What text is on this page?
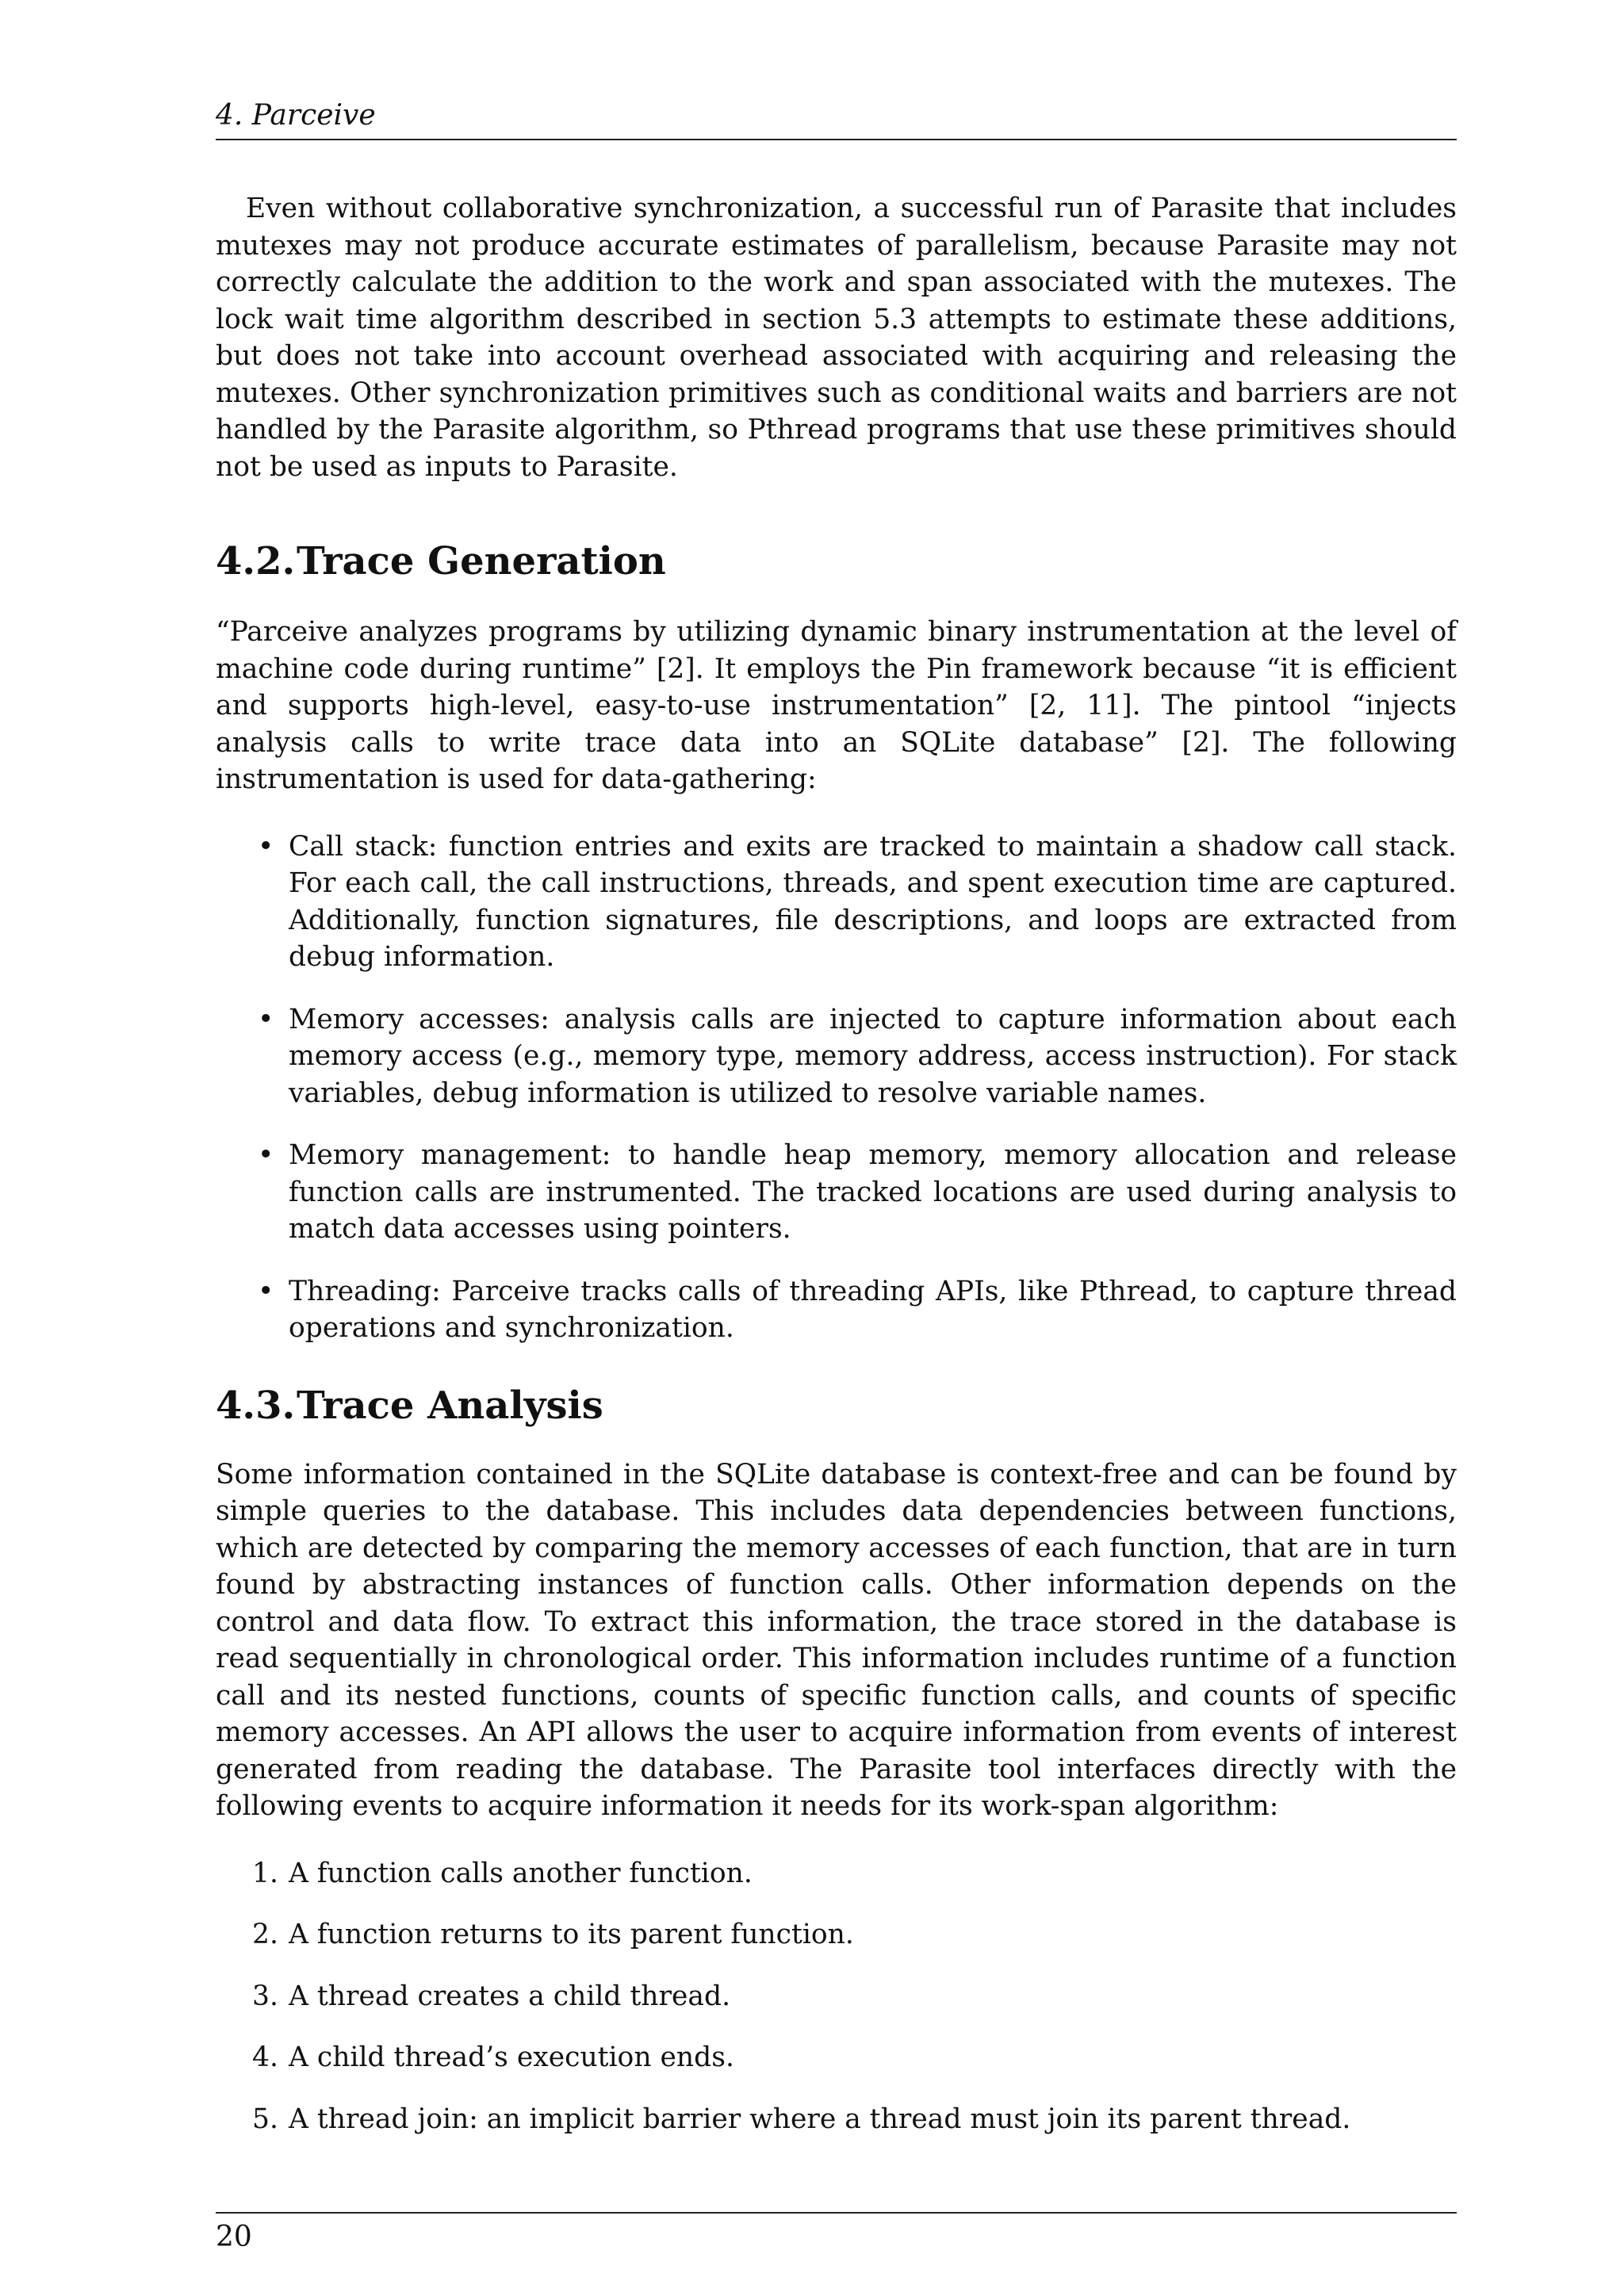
4. Parceive

Even without collaborative synchronization, a successful run of Parasite that includes mutexes may not produce accurate estimates of parallelism, because Parasite may not correctly calculate the addition to the work and span associated with the mutexes. The lock wait time algorithm described in section 5.3 attempts to estimate these additions, but does not take into account overhead associated with acquiring and releasing the mutexes. Other synchronization primitives such as conditional waits and barriers are not handled by the Parasite algorithm, so Pthread programs that use these primitives should not be used as inputs to Parasite.

4.2.Trace Generation

“Parceive analyzes programs by utilizing dynamic binary instrumentation at the level of machine code during runtime” [2]. It employs the Pin framework because “it is efficient and supports high-level, easy-to-use instrumentation” [2, 11]. The pintool “injects analysis calls to write trace data into an SQLite database” [2]. The following instrumentation is used for data-gathering:

• Call stack: function entries and exits are tracked to maintain a shadow call stack. For each call, the call instructions, threads, and spent execution time are captured. Additionally, function signatures, file descriptions, and loops are extracted from debug information.
• Memory accesses: analysis calls are injected to capture information about each memory access (e.g., memory type, memory address, access instruction). For stack variables, debug information is utilized to resolve variable names.
• Memory management: to handle heap memory, memory allocation and release function calls are instrumented. The tracked locations are used during analysis to match data accesses using pointers.
• Threading: Parceive tracks calls of threading APIs, like Pthread, to capture thread operations and synchronization.
4.3.Trace Analysis

Some information contained in the SQLite database is context-free and can be found by simple queries to the database. This includes data dependencies between functions, which are detected by comparing the memory accesses of each function, that are in turn found by abstracting instances of function calls. Other information depends on the control and data flow. To extract this information, the trace stored in the database is read sequentially in chronological order. This information includes runtime of a function call and its nested functions, counts of specific function calls, and counts of specific memory accesses. An API allows the user to acquire information from events of interest generated from reading the database. The Parasite tool interfaces directly with the following events to acquire information it needs for its work-span algorithm:

1. A function calls another function.
2. A function returns to its parent function.
3. A thread creates a child thread.
4. A child thread’s execution ends.
5. A thread join: an implicit barrier where a thread must join its parent thread.
20
